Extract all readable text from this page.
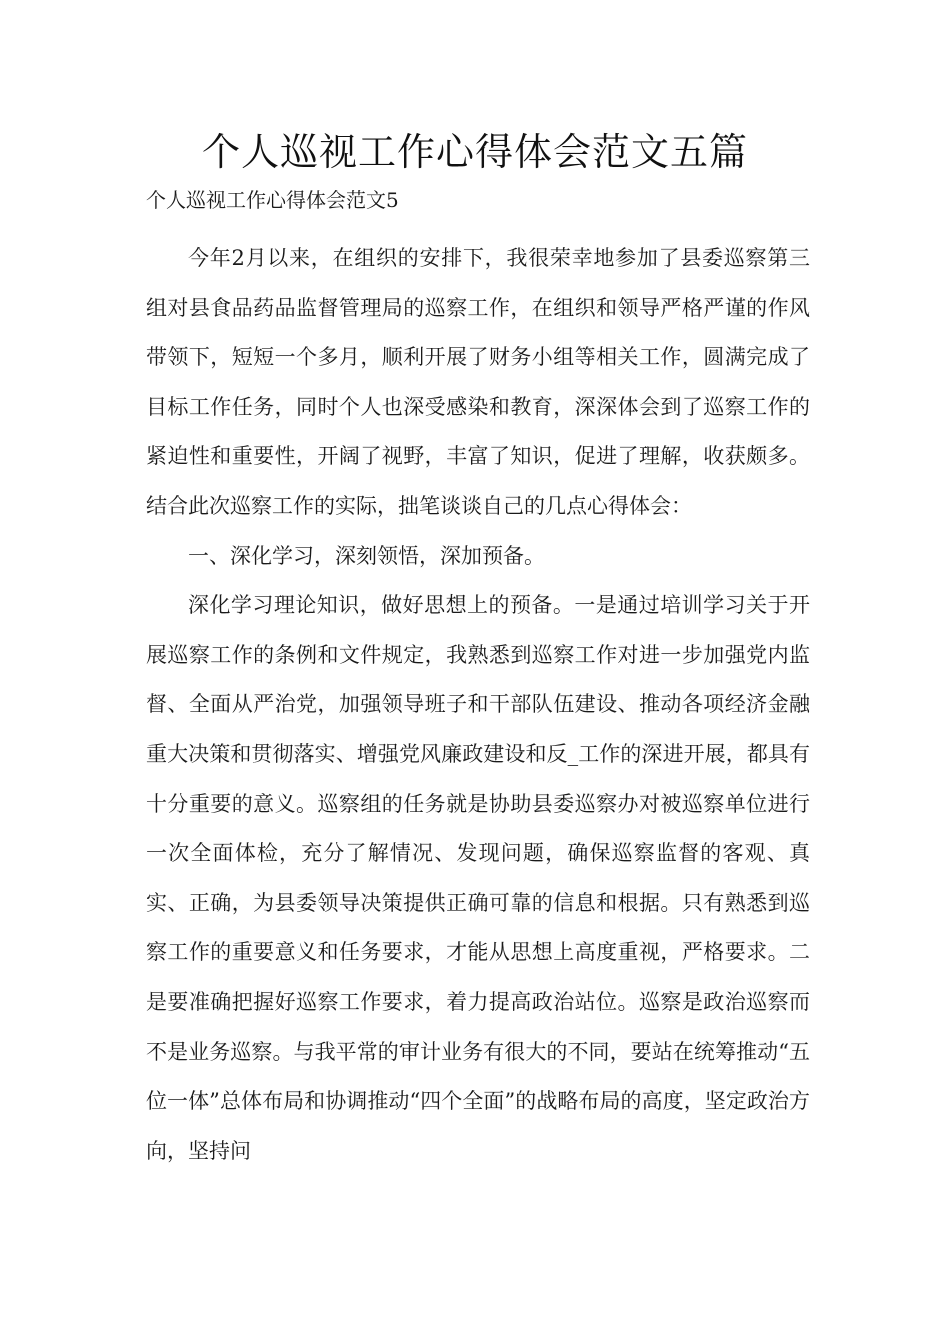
个人巡视工作心得体会范文五篇
个人巡视工作心得体会范文5

今年2月以来，在组织的安排下，我很荣幸地参加了县委巡察第三组对县食品药品监督管理局的巡察工作，在组织和领导严格严谨的作风带领下，短短一个多月，顺利开展了财务小组等相关工作，圆满完成了目标工作任务，同时个人也深受感染和教育，深深体会到了巡察工作的紧迫性和重要性，开阔了视野，丰富了知识，促进了理解，收获颇多。结合此次巡察工作的实际，拙笔谈谈自己的几点心得体会：

一、深化学习，深刻领悟，深加预备。

深化学习理论知识，做好思想上的预备。一是通过培训学习关于开展巡察工作的条例和文件规定，我熟悉到巡察工作对进一步加强党内监督、全面从严治党，加强领导班子和干部队伍建设、推动各项经济金融重大决策和贯彻落实、增强党风廉政建设和反_工作的深进开展，都具有十分重要的意义。巡察组的任务就是协助县委巡察办对被巡察单位进行一次全面体检，充分了解情况、发现问题，确保巡察监督的客观、真实、正确，为县委领导决策提供正确可靠的信息和根据。只有熟悉到巡察工作的重要意义和任务要求，才能从思想上高度重视，严格要求。二是要准确把握好巡察工作要求，着力提高政治站位。巡察是政治巡察而不是业务巡察。与我平常的审计业务有很大的不同，要站在统筹推动“五位一体”总体布局和协调推动“四个全面”的战略布局的高度，坚定政治方向，坚持问
